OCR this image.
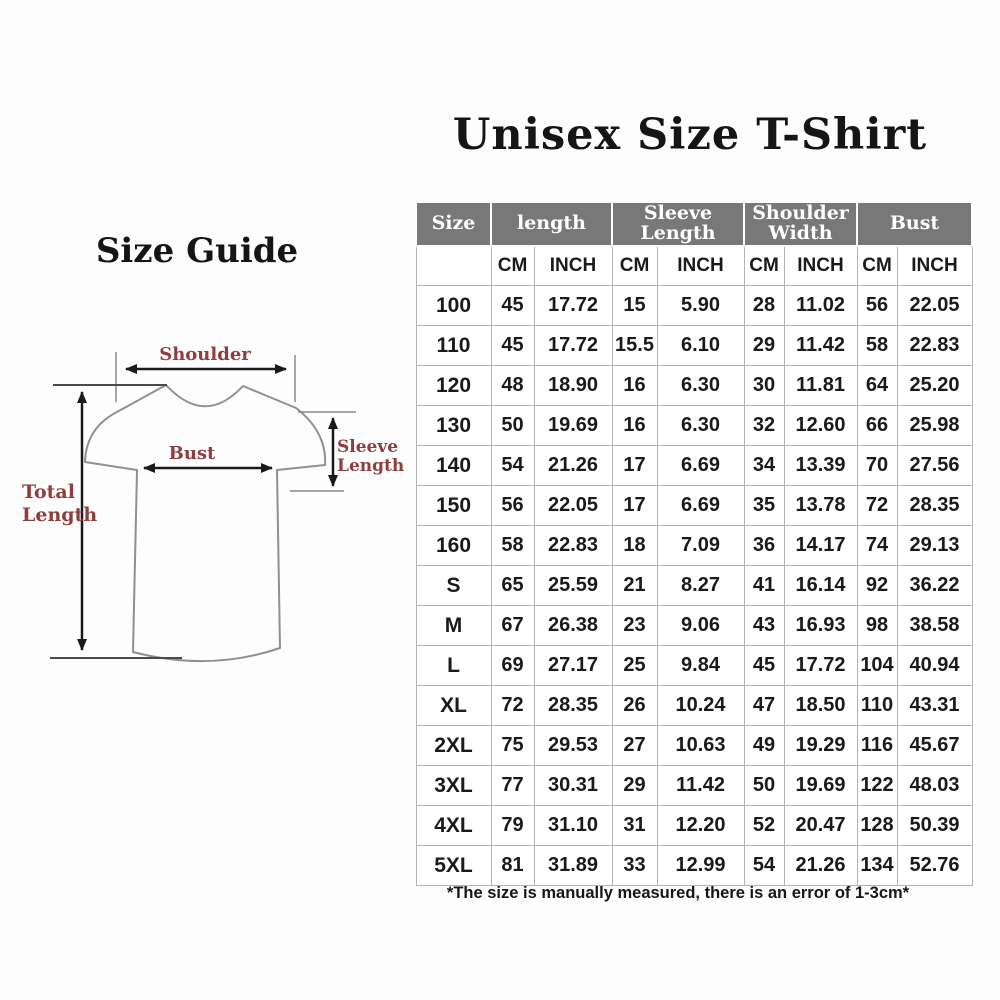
Unisex Size T-Shirt
Size Guide
Shoulder
Total
Length
Bust	Sleeve
Length
Size	length		Sleeve Length		Shoulder Width		Bust	
	CM	INCH	CM	INCH	CM	INCH	CM	INCH
100	45	17.72	15	5.90	28	11.02	56	22.05
110	45	17.72	15.5	6.10	29	11.42	58	22.83
120	48	18.90	16	6.30	30	11.81	64	25.20
130	50	19.69	16	6.30	32	12.60	66	25.98
140	54	21.26	17	6.69	34	13.39	70	27.56
150	56	22.05	17	6.69	35	13.78	72	28.35
160	58	22.83	18	7.09	36	14.17	74	29.13
S	65	25.59	21	8.27	41	16.14	92	36.22
M	67	26.38	23	9.06	43	16.93	98	38.58
L	69	27.17	25	9.84	45	17.72	104	40.94
XL	72	28.35	26	10.24	47	18.50	110	43.31
2XL	75	29.53	27	10.63	49	19.29	116	45.67
3XL	77	30.31	29	11.42	50	19.69	122	48.03
4XL	79	31.10	31	12.20	52	20.47	128	50.39
5XL	81	31.89	33	12.99	54	21.26	134	52.76
*The size is manually measured, there is an error of 1-3cm*
